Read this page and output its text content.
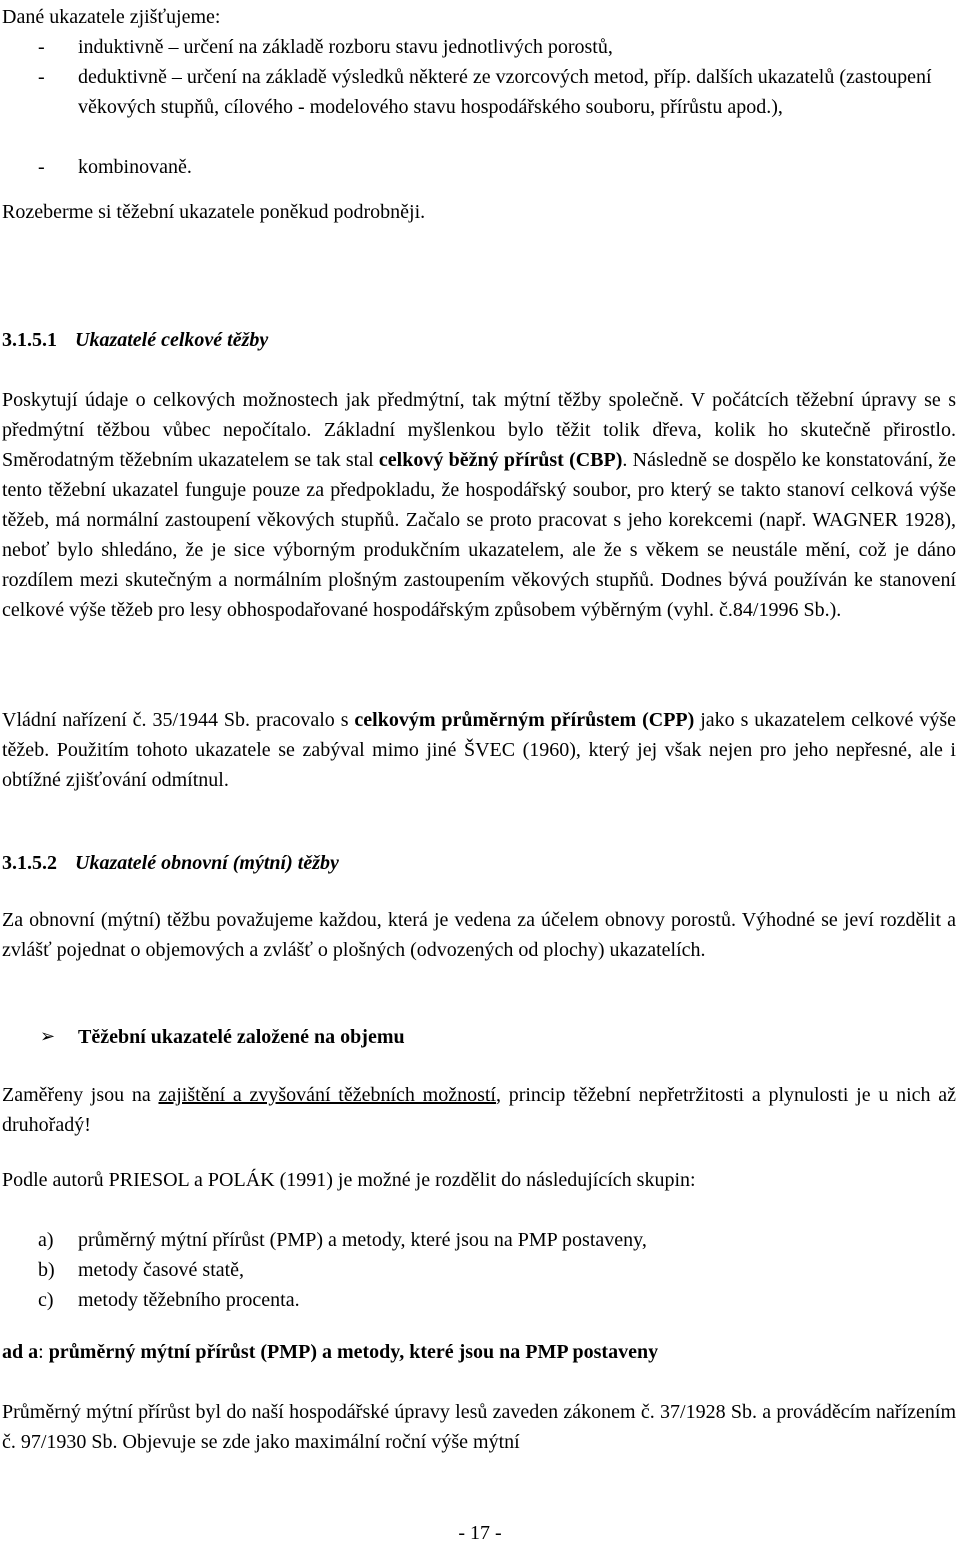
Dané ukazatele zjišťujeme:

- induktivně – určení na základě rozboru stavu jednotlivých porostů,
- deduktivně – určení na základě výsledků některé ze vzorcových metod, příp. dalších ukazatelů (zastoupení věkových stupňů, cílového - modelového stavu hospodářského souboru, přírůstu apod.),
- kombinovaně.

Rozeberme si těžební ukazatele poněkud podrobněji.

3.1.5.1 Ukazatelé celkové těžby

Poskytují údaje o celkových možnostech jak předmýtní, tak mýtní těžby společně. V počátcích těžební úpravy se s předmýtní těžbou vůbec nepočítalo. Základní myšlenkou bylo těžit tolik dřeva, kolik ho skutečně přirostlo. Směrodatným těžebním ukazatelem se tak stal celkový běžný přírůst (CBP). Následně se dospělo ke konstatování, že tento těžební ukazatel funguje pouze za předpokladu, že hospodářský soubor, pro který se takto stanoví celková výše těžeb, má normální zastoupení věkových stupňů. Začalo se proto pracovat s jeho korekcemi (např. WAGNER 1928), neboť bylo shledáno, že je sice výborným produkčním ukazatelem, ale že s věkem se neustále mění, což je dáno rozdílem mezi skutečným a normálním plošným zastoupením věkových stupňů. Dodnes bývá používán ke stanovení celkové výše těžeb pro lesy obhospodařované hospodářským způsobem výběrným (vyhl. č.84/1996 Sb.).

Vládní nařízení č. 35/1944 Sb. pracovalo s celkovým průměrným přírůstem (CPP) jako s ukazatelem celkové výše těžeb. Použitím tohoto ukazatele se zabýval mimo jiné ŠVEC (1960), který jej však nejen pro jeho nepřesné, ale i obtížné zjišťování odmítnul.

3.1.5.2 Ukazatelé obnovní (mýtní) těžby

Za obnovní (mýtní) těžbu považujeme každou, která je vedena za účelem obnovy porostů. Výhodné se jeví rozdělit a zvlášť pojednat o objemových a zvlášť o plošných (odvozených od plochy) ukazatelích.

➢ Těžební ukazatelé založené na objemu

Zaměřeny jsou na zajištění a zvyšování těžebních možností, princip těžební nepřetržitosti a plynulosti je u nich až druhořadý!

Podle autorů PRIESOL a POLÁK (1991) je možné je rozdělit do následujících skupin:

a) průměrný mýtní přírůst (PMP) a metody, které jsou na PMP postaveny,
b) metody časové statě,
c) metody těžebního procenta.

ad a: průměrný mýtní přírůst (PMP) a metody, které jsou na PMP postaveny

Průměrný mýtní přírůst byl do naší hospodářské úpravy lesů zaveden zákonem č. 37/1928 Sb. a prováděcím nařízením č. 97/1930 Sb. Objevuje se zde jako maximální roční výše mýtní

- 17 -
